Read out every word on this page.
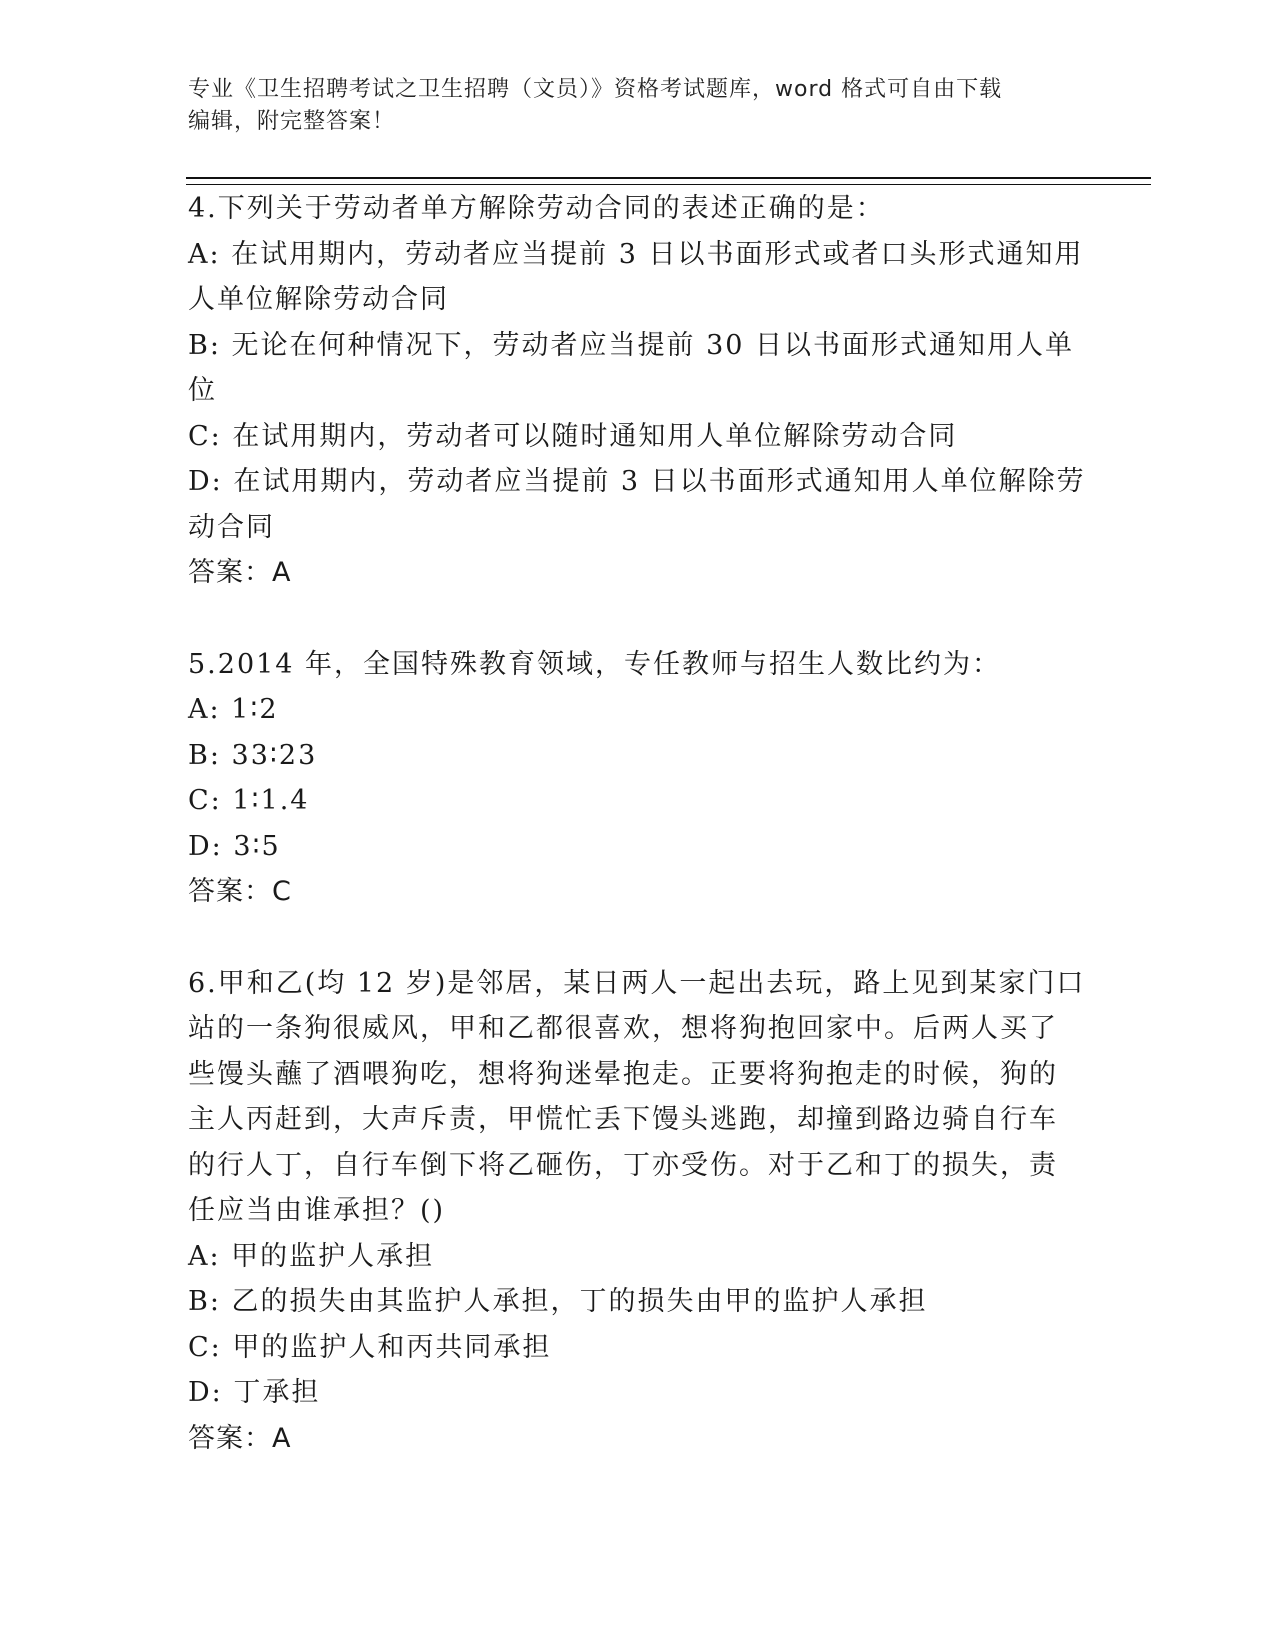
专业《卫生招聘考试之卫生招聘（文员）》资格考试题库，word 格式可自由下载
编辑，附完整答案！
4.下列关于劳动者单方解除劳动合同的表述正确的是：
A: 在试用期内，劳动者应当提前 3 日以书面形式或者口头形式通知用
人单位解除劳动合同
B: 无论在何种情况下，劳动者应当提前 30 日以书面形式通知用人单
位
C: 在试用期内，劳动者可以随时通知用人单位解除劳动合同
D: 在试用期内，劳动者应当提前 3 日以书面形式通知用人单位解除劳
动合同
答案：A
5.2014 年，全国特殊教育领域，专任教师与招生人数比约为：
A: 1∶2
B: 33∶23
C: 1∶1.4
D: 3∶5
答案：C
6.甲和乙(均 12 岁)是邻居，某日两人一起出去玩，路上见到某家门口
站的一条狗很威风，甲和乙都很喜欢，想将狗抱回家中。后两人买了
些馒头蘸了酒喂狗吃，想将狗迷晕抱走。正要将狗抱走的时候，狗的
主人丙赶到，大声斥责，甲慌忙丢下馒头逃跑，却撞到路边骑自行车
的行人丁，自行车倒下将乙砸伤，丁亦受伤。对于乙和丁的损失，责
任应当由谁承担？()
A: 甲的监护人承担
B: 乙的损失由其监护人承担，丁的损失由甲的监护人承担
C: 甲的监护人和丙共同承担
D: 丁承担
答案：A
